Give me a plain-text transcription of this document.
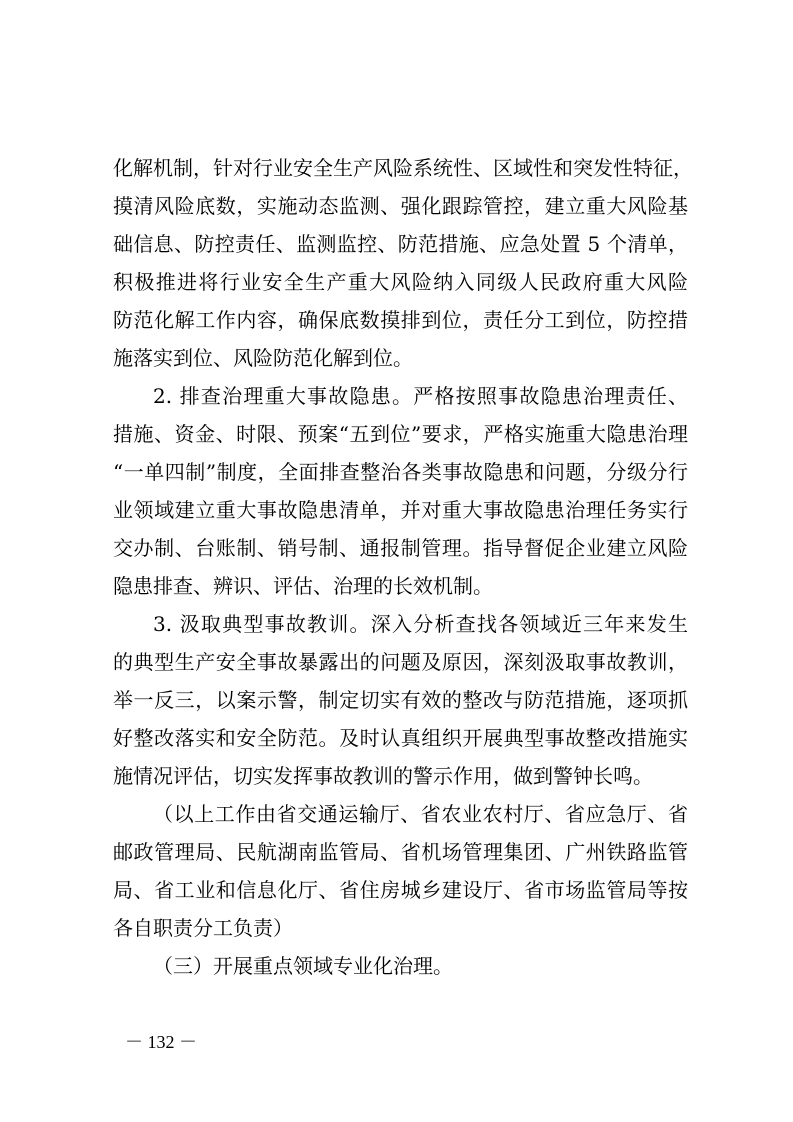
化解机制，针对行业安全生产风险系统性、区域性和突发性特征，
摸清风险底数，实施动态监测、强化跟踪管控，建立重大风险基
础信息、防控责任、监测监控、防范措施、应急处置 5 个清单，
积极推进将行业安全生产重大风险纳入同级人民政府重大风险
防范化解工作内容，确保底数摸排到位，责任分工到位，防控措
施落实到位、风险防范化解到位。
2. 排查治理重大事故隐患。严格按照事故隐患治理责任、
措施、资金、时限、预案“五到位”要求，严格实施重大隐患治理
“一单四制”制度，全面排查整治各类事故隐患和问题，分级分行
业领域建立重大事故隐患清单，并对重大事故隐患治理任务实行
交办制、台账制、销号制、通报制管理。指导督促企业建立风险
隐患排查、辨识、评估、治理的长效机制。
3. 汲取典型事故教训。深入分析查找各领域近三年来发生
的典型生产安全事故暴露出的问题及原因，深刻汲取事故教训，
举一反三，以案示警，制定切实有效的整改与防范措施，逐项抓
好整改落实和安全防范。及时认真组织开展典型事故整改措施实
施情况评估，切实发挥事故教训的警示作用，做到警钟长鸣。
（以上工作由省交通运输厅、省农业农村厅、省应急厅、省
邮政管理局、民航湖南监管局、省机场管理集团、广州铁路监管
局、省工业和信息化厅、省住房城乡建设厅、省市场监管局等按
各自职责分工负责）
（三）开展重点领域专业化治理。
－ 132 －
